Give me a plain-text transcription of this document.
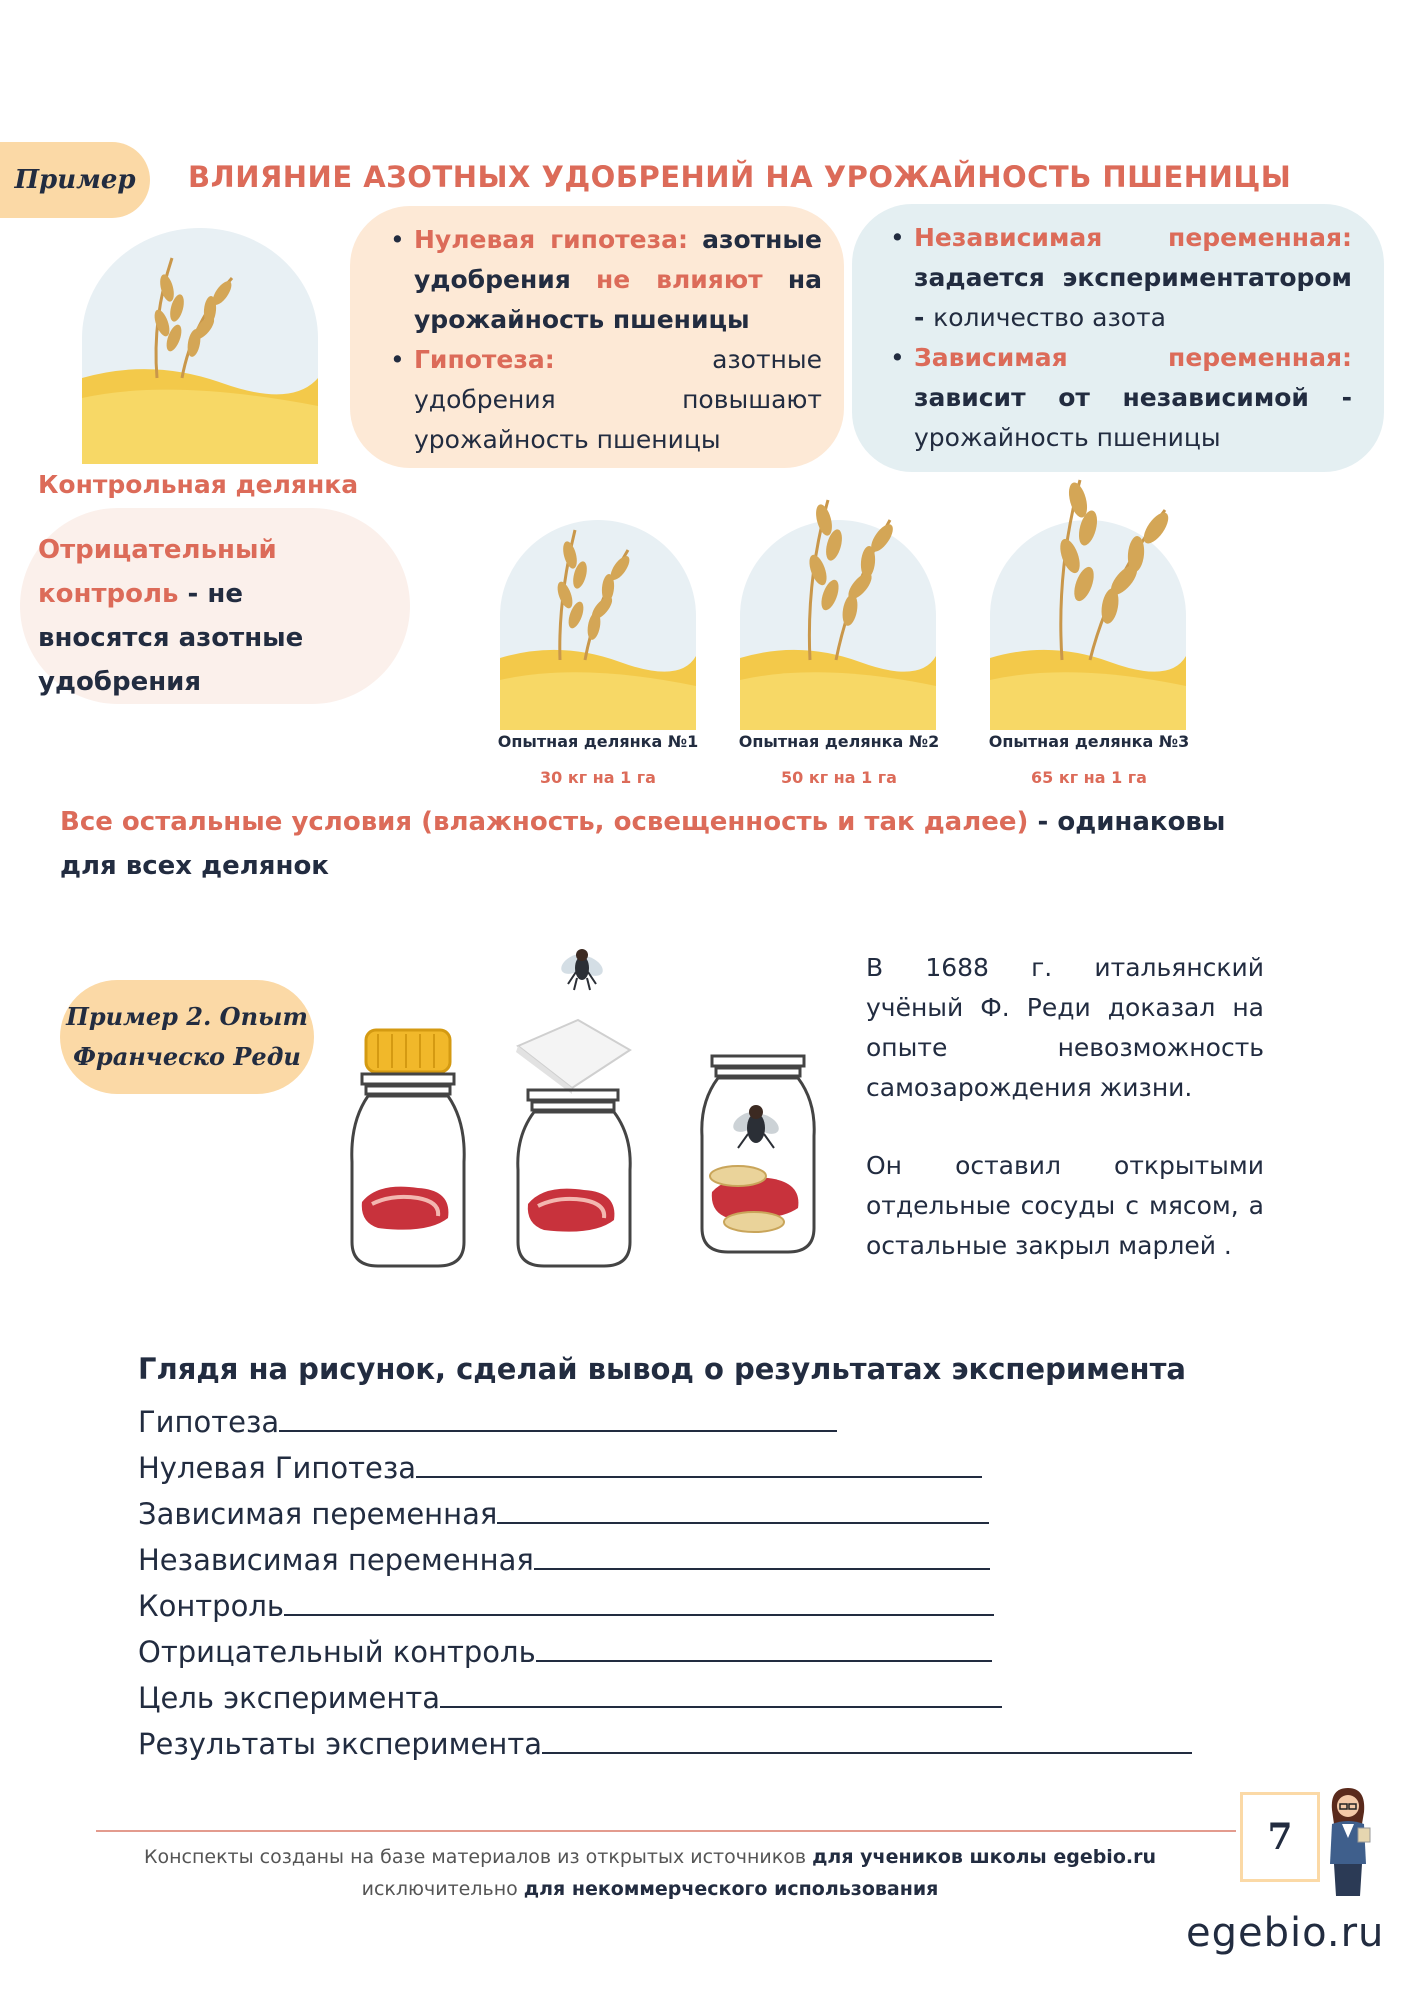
Пример	ВЛИЯНИЕ АЗОТНЫХ УДОБРЕНИЙ НА УРОЖАЙНОСТЬ ПШЕНИЦЫ
• Нулевая гипотеза: азотные удобрения не влияют на урожайность пшеницы
• Гипотеза:	азотные удобрения повышают урожайность пшеницы
• Независимая переменная: задается экспериментатором - количество азота
• Зависимая переменная: зависит от независимой - урожайность пшеницы
Контрольная делянка
Отрицательный контроль - не вносятся азотные удобрения
Опытная делянка №1
30 кг на 1 га
Опытная делянка №2
50 кг на 1 га
Опытная делянка №3
65 кг на 1 га
Все остальные условия (влажность, освещенность и так далее) - одинаковы для всех делянок
Пример 2. Опыт
Франческо Реди
В 1688 г. итальянский учёный Ф. Реди доказал на опыте невозможность самозарождения жизни.
Он оставил открытыми отдельные сосуды с мясом, а остальные закрыл марлей .
Глядя на рисунок, сделай вывод о результатах эксперимента
Гипотеза
Нулевая Гипотеза
Зависимая переменная
Независимая переменная
Контроль
Отрицательный контроль
Цель эксперимента
Результаты эксперимента
7
Конспекты созданы на базе материалов из открытых источников для учеников школы egebio.ru
исключительно для некоммерческого использования
egebio.ru
